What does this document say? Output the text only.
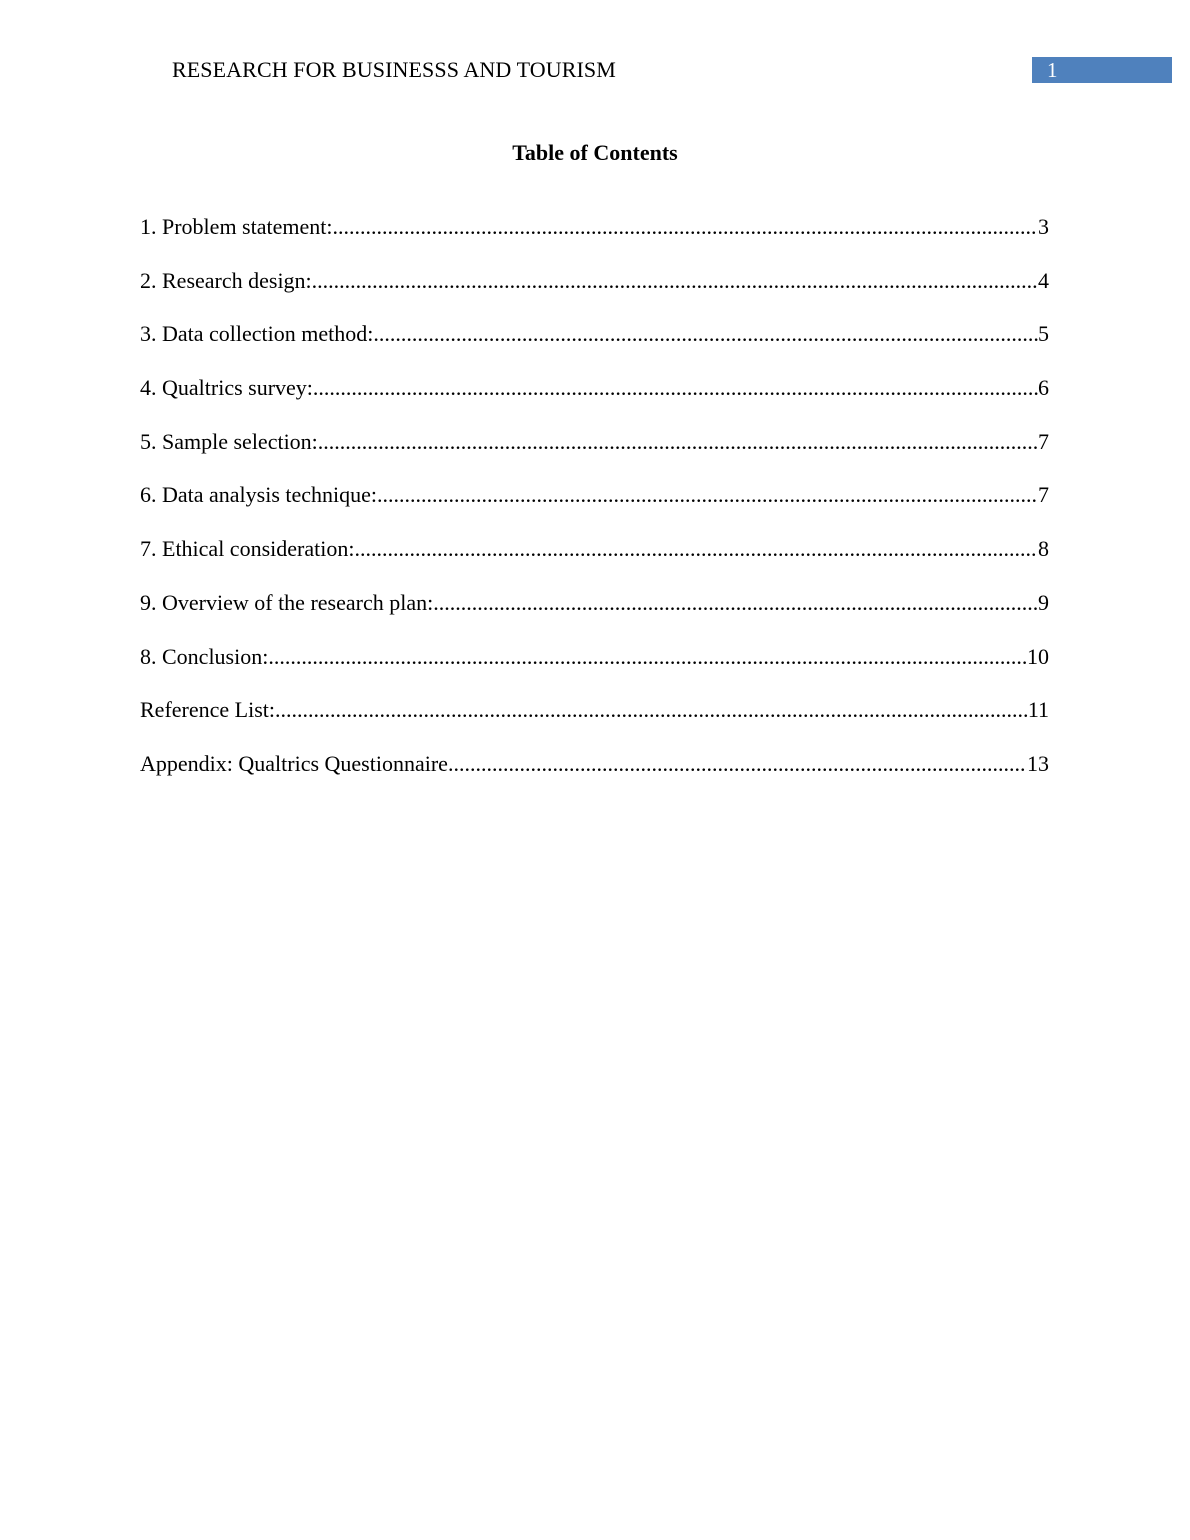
RESEARCH FOR BUSINESSS AND TOURISM	1
Table of Contents
1. Problem statement: .....	3
2. Research design: .....	4
3. Data collection method: .....	5
4. Qualtrics survey: .....	6
5. Sample selection: .....	7
6. Data analysis technique: .....	7
7. Ethical consideration: .....	8
9. Overview of the research plan: .....	9
8. Conclusion: .....	10
Reference List: .....	11
Appendix: Qualtrics Questionnaire .....	13
